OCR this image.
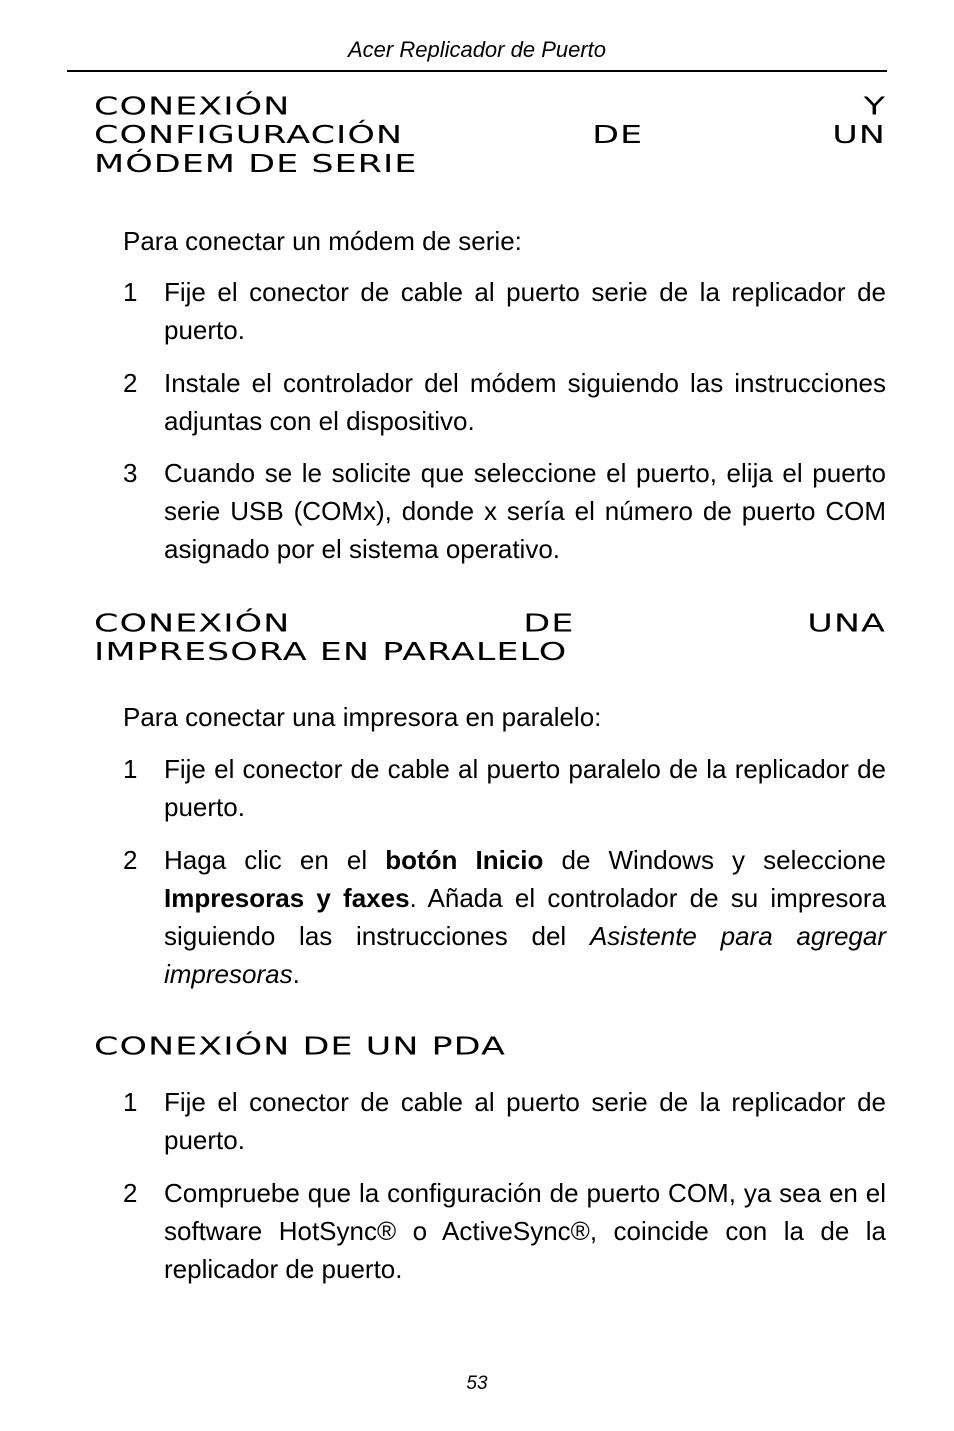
Acer Replicador de Puerto
CONEXIÓN Y
CONFIGURACIÓN DE UN
MÓDEM DE SERIE

Para conectar un módem de serie:

1	Fije el conector de cable al puerto serie de la replicador de puerto.
2	Instale el controlador del módem siguiendo las instrucciones adjuntas con el dispositivo.
3	Cuando se le solicite que seleccione el puerto, elija el puerto serie USB (COMx), donde x sería el número de puerto COM asignado por el sistema operativo.
CONEXIÓN DE UNA
IMPRESORA EN PARALELO

Para conectar una impresora en paralelo:

1	Fije el conector de cable al puerto paralelo de la replicador de puerto.
2	Haga clic en el botón Inicio de Windows y seleccione Impresoras y faxes. Añada el controlador de su impresora siguiendo las instrucciones del Asistente para agregar impresoras.
CONEXIÓN DE UN PDA
1	Fije el conector de cable al puerto serie de la replicador de puerto.
2	Compruebe que la configuración de puerto COM, ya sea en el software HotSync® o ActiveSync®, coincide con la de la replicador de puerto.
53
